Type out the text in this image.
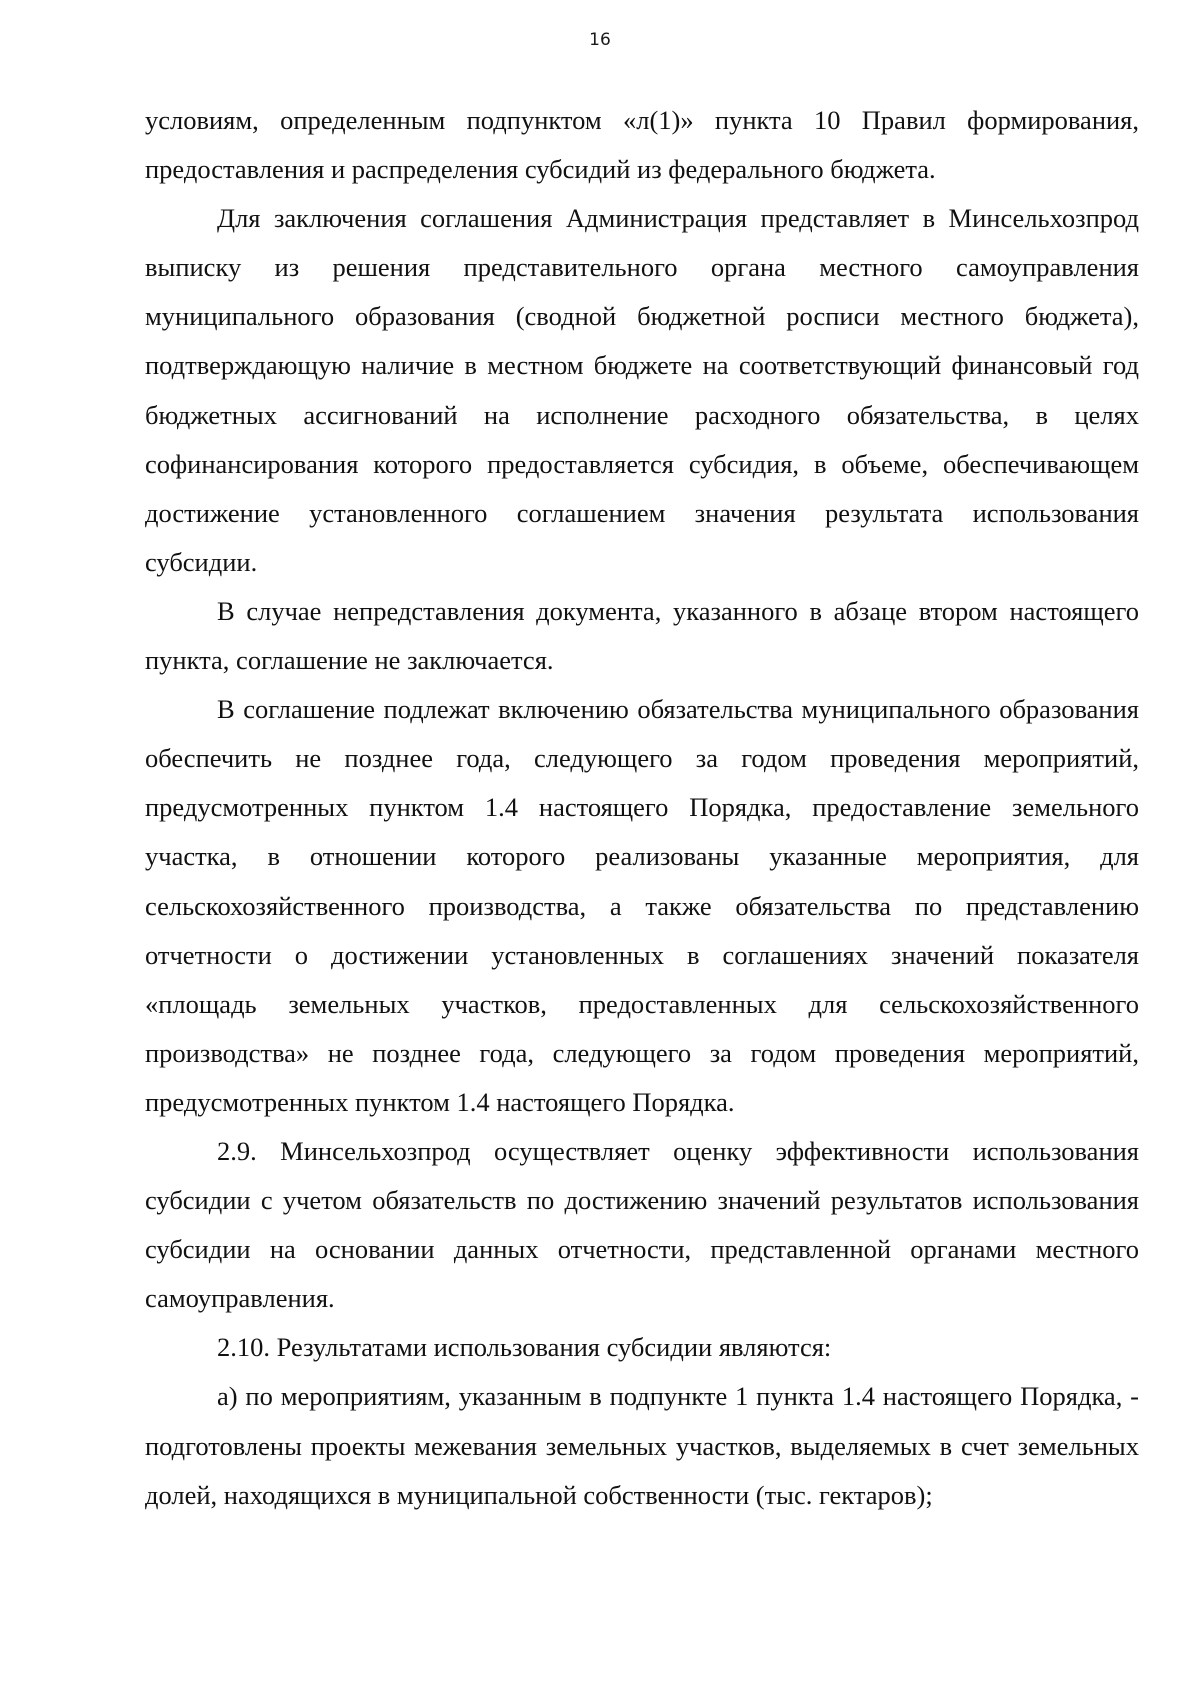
16

условиям, определенным подпунктом «л(1)» пункта 10 Правил формирования, предоставления и распределения субсидий из федерального бюджета.

Для заключения соглашения Администрация представляет в Минсельхозпрод выписку из решения представительного органа местного самоуправления муниципального образования (сводной бюджетной росписи местного бюджета), подтверждающую наличие в местном бюджете на соответствующий финансовый год бюджетных ассигнований на исполнение расходного обязательства, в целях софинансирования которого предоставляется субсидия, в объеме, обеспечивающем достижение установленного соглашением значения результата использования субсидии.

В случае непредставления документа, указанного в абзаце втором настоящего пункта, соглашение не заключается.

В соглашение подлежат включению обязательства муниципального образования обеспечить не позднее года, следующего за годом проведения мероприятий, предусмотренных пунктом 1.4 настоящего Порядка, предоставление земельного участка, в отношении которого реализованы указанные мероприятия, для сельскохозяйственного производства, а также обязательства по представлению отчетности о достижении установленных в соглашениях значений показателя «площадь земельных участков, предоставленных для сельскохозяйственного производства» не позднее года, следующего за годом проведения мероприятий, предусмотренных пунктом 1.4 настоящего Порядка.

2.9. Минсельхозпрод осуществляет оценку эффективности использования субсидии с учетом обязательств по достижению значений результатов использования субсидии на основании данных отчетности, представленной органами местного самоуправления.

2.10. Результатами использования субсидии являются:

а) по мероприятиям, указанным в подпункте 1 пункта 1.4 настоящего Порядка, - подготовлены проекты межевания земельных участков, выделяемых в счет земельных долей, находящихся в муниципальной собственности (тыс. гектаров);
